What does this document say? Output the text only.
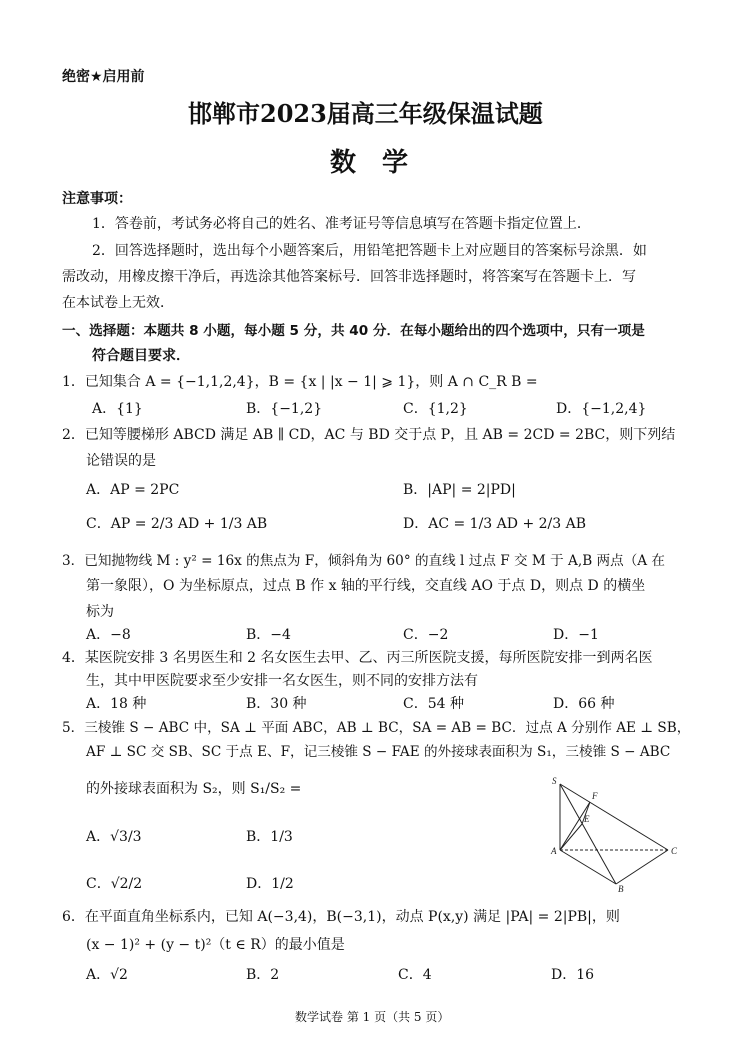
绝密★启用前
邯郸市2023届高三年级保温试题
数　学
注意事项：
1．答卷前，考试务必将自己的姓名、准考证号等信息填写在答题卡指定位置上．
2．回答选择题时，选出每个小题答案后，用铅笔把答题卡上对应题目的答案标号涂黑．如
需改动，用橡皮擦干净后，再选涂其他答案标号．回答非选择题时，将答案写在答题卡上．写
在本试卷上无效．
一、选择题：本题共 8 小题，每小题 5 分，共 40 分．在每小题给出的四个选项中，只有一项是
符合题目要求．
1．已知集合 A = {−1,1,2,4}，B = {x | |x − 1| ⩾ 1}，则 A ∩ C_R B =
A．{1}	B．{−1,2}	C．{1,2}	D．{−1,2,4}
2．已知等腰梯形 ABCD 满足 AB ∥ CD，AC 与 BD 交于点 P，且 AB = 2CD = 2BC，则下列结
论错误的是
A．AP = 2PC	B．|AP| = 2|PD|
C．AP = 2/3 AD + 1/3 AB	D．AC = 1/3 AD + 2/3 AB
3．已知抛物线 M : y² = 16x 的焦点为 F，倾斜角为 60° 的直线 l 过点 F 交 M 于 A,B 两点（A 在
第一象限），O 为坐标原点，过点 B 作 x 轴的平行线，交直线 AO 于点 D，则点 D 的横坐
标为
A．−8	B．−4	C．−2	D．−1
4．某医院安排 3 名男医生和 2 名女医生去甲、乙、丙三所医院支援，每所医院安排一到两名医
生，其中甲医院要求至少安排一名女医生，则不同的安排方法有
A．18 种	B．30 种	C．54 种	D．66 种
5．三棱锥 S − ABC 中，SA ⊥ 平面 ABC，AB ⊥ BC，SA = AB = BC．过点 A 分别作 AE ⊥ SB，
AF ⊥ SC 交 SB、SC 于点 E、F，记三棱锥 S − FAE 的外接球表面积为 S₁，三棱锥 S − ABC
的外接球表面积为 S₂，则 S₁/S₂ =
A．√3/3	B．1/3
C．√2/2	D．1/2
S
F
E
A	C
B
6．在平面直角坐标系内，已知 A(−3,4)，B(−3,1)，动点 P(x,y) 满足 |PA| = 2|PB|，则
(x − 1)² + (y − t)²（t ∈ R）的最小值是
A．√2	B．2	C．4	D．16
数学试卷 第 1 页（共 5 页）
